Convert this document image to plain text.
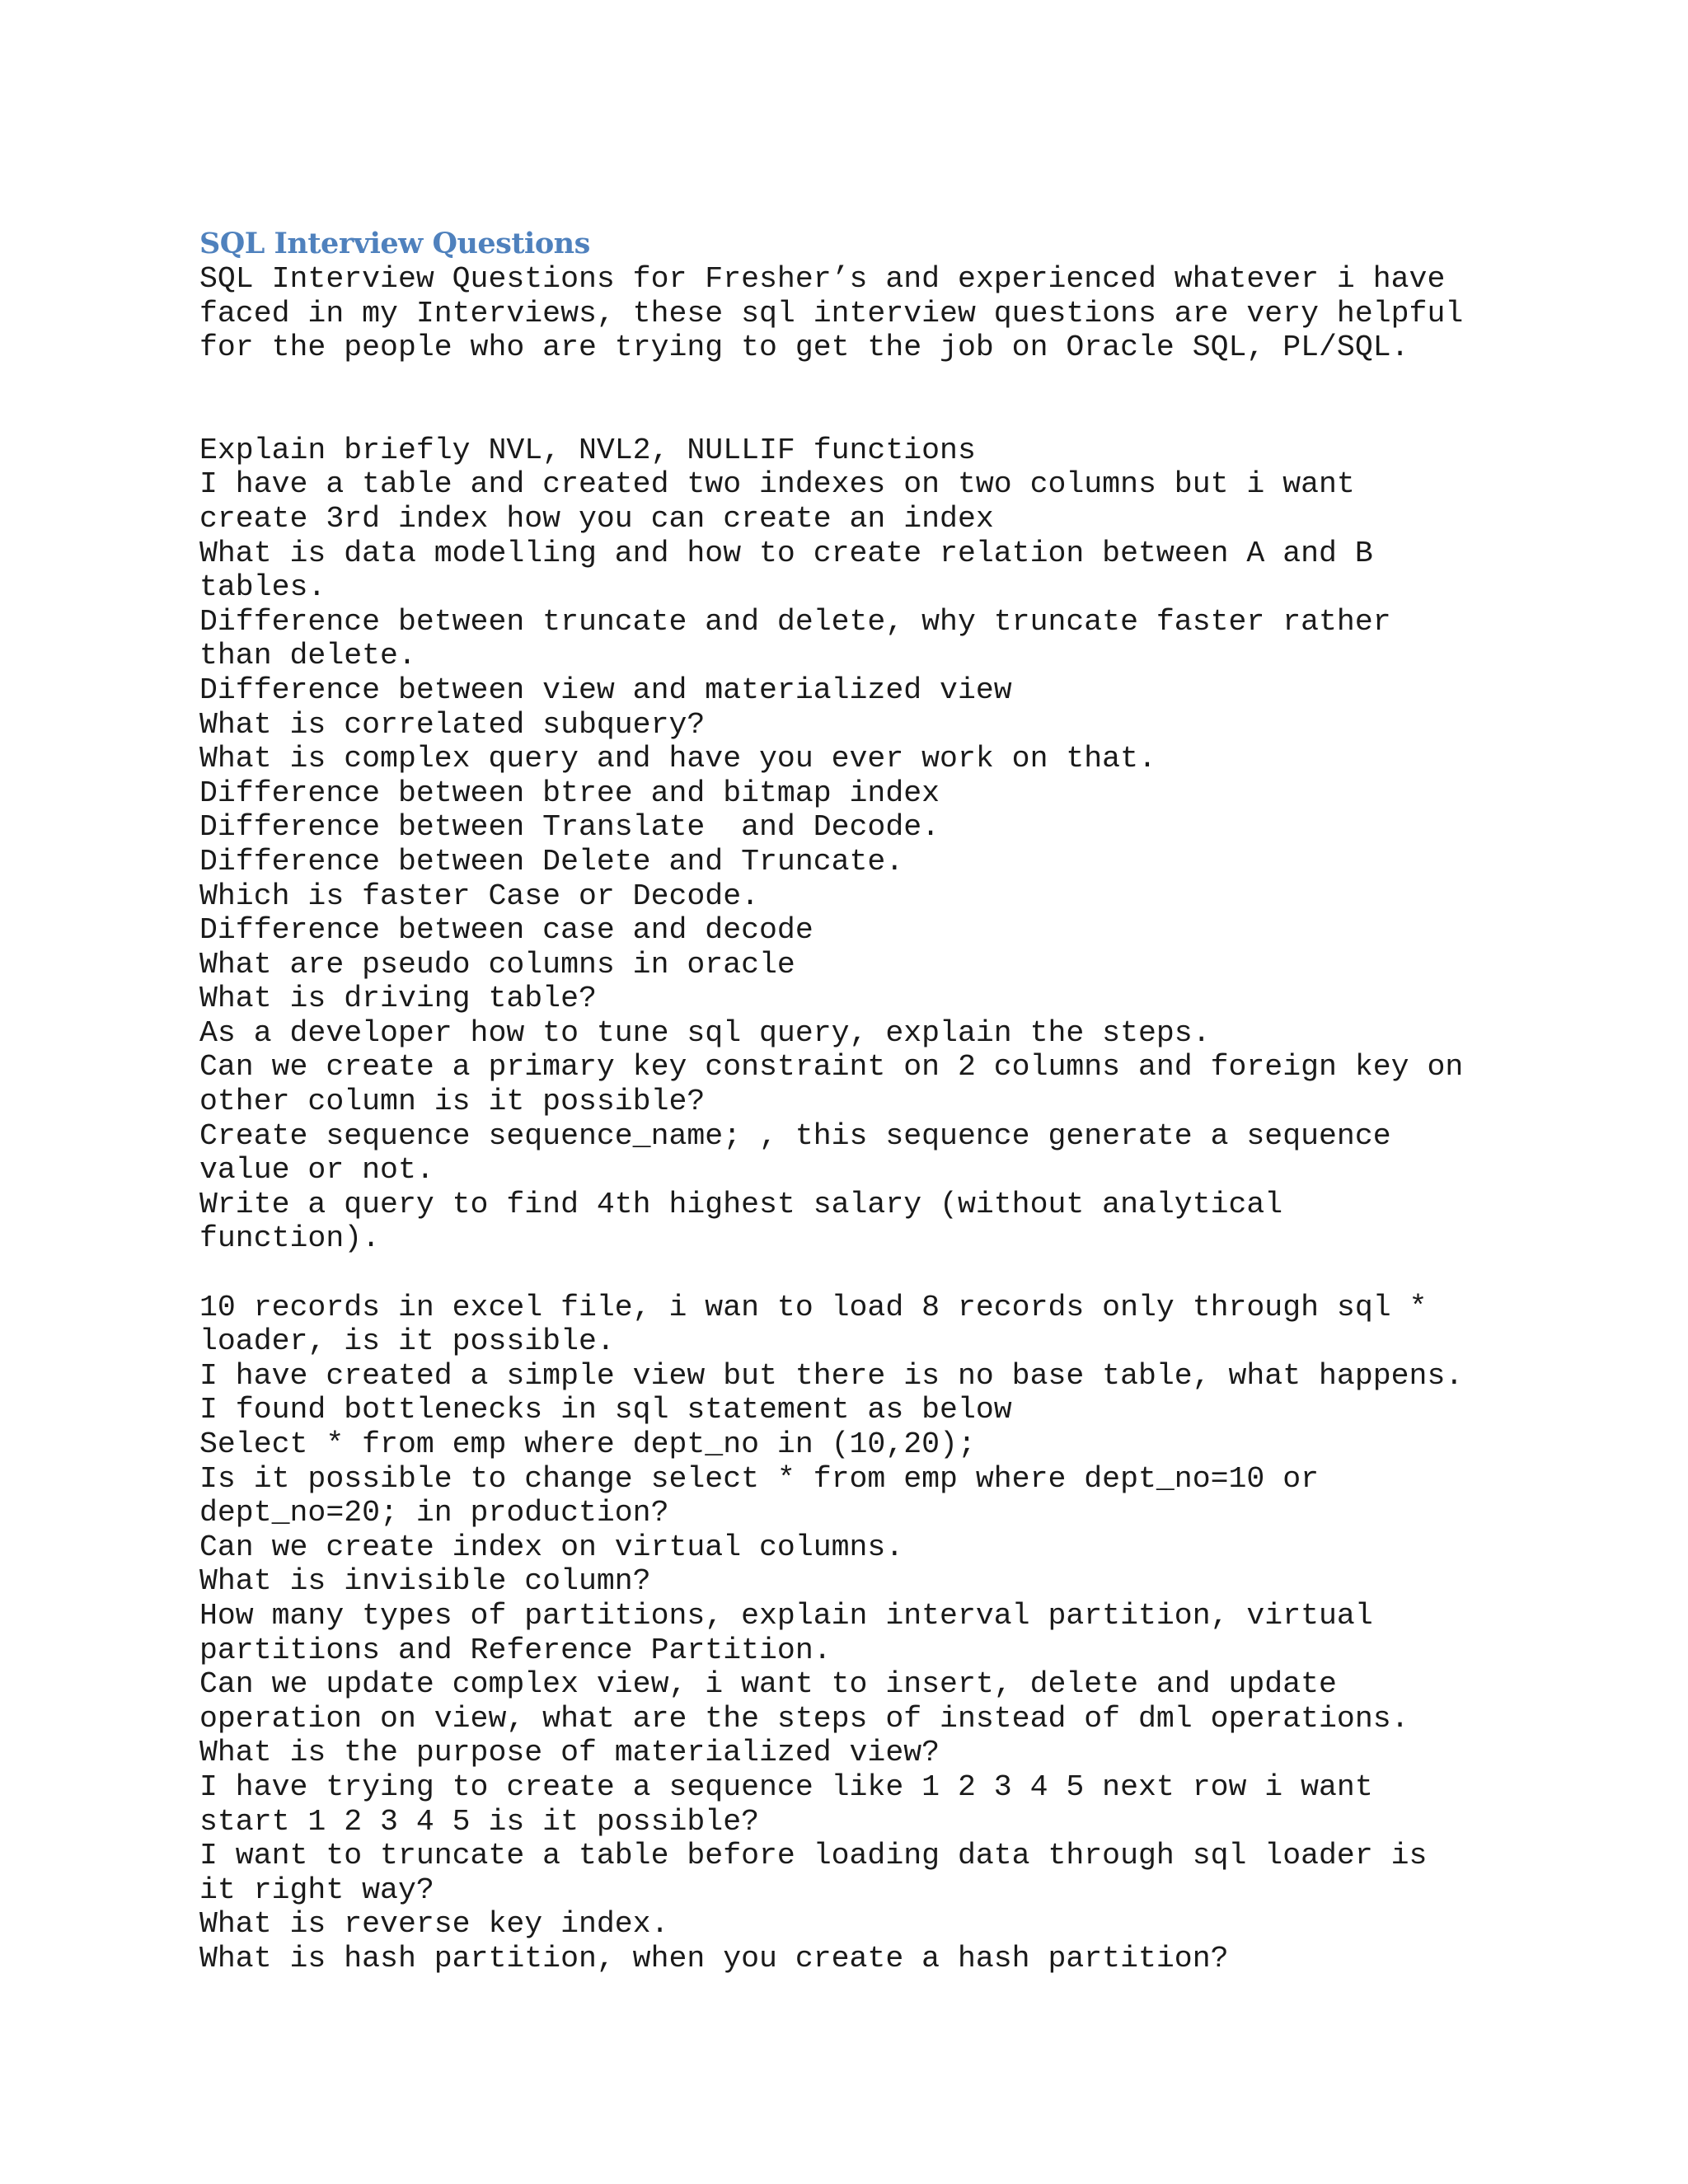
SQL Interview Questions
SQL Interview Questions for Fresher’s and experienced whatever i have
faced in my Interviews, these sql interview questions are very helpful
for the people who are trying to get the job on Oracle SQL, PL/SQL.
Explain briefly NVL, NVL2, NULLIF functions
I have a table and created two indexes on two columns but i want
create 3rd index how you can create an index
What is data modelling and how to create relation between A and B
tables.
Difference between truncate and delete, why truncate faster rather
than delete.
Difference between view and materialized view
What is correlated subquery?
What is complex query and have you ever work on that.
Difference between btree and bitmap index
Difference between Translate  and Decode.
Difference between Delete and Truncate.
Which is faster Case or Decode.
Difference between case and decode
What are pseudo columns in oracle
What is driving table?
As a developer how to tune sql query, explain the steps.
Can we create a primary key constraint on 2 columns and foreign key on
other column is it possible?
Create sequence sequence_name; , this sequence generate a sequence
value or not.
Write a query to find 4th highest salary (without analytical
function).
10 records in excel file, i wan to load 8 records only through sql *
loader, is it possible.
I have created a simple view but there is no base table, what happens.
I found bottlenecks in sql statement as below
Select * from emp where dept_no in (10,20);
Is it possible to change select * from emp where dept_no=10 or
dept_no=20; in production?
Can we create index on virtual columns.
What is invisible column?
How many types of partitions, explain interval partition, virtual
partitions and Reference Partition.
Can we update complex view, i want to insert, delete and update
operation on view, what are the steps of instead of dml operations.
What is the purpose of materialized view?
I have trying to create a sequence like 1 2 3 4 5 next row i want
start 1 2 3 4 5 is it possible?
I want to truncate a table before loading data through sql loader is
it right way?
What is reverse key index.
What is hash partition, when you create a hash partition?
